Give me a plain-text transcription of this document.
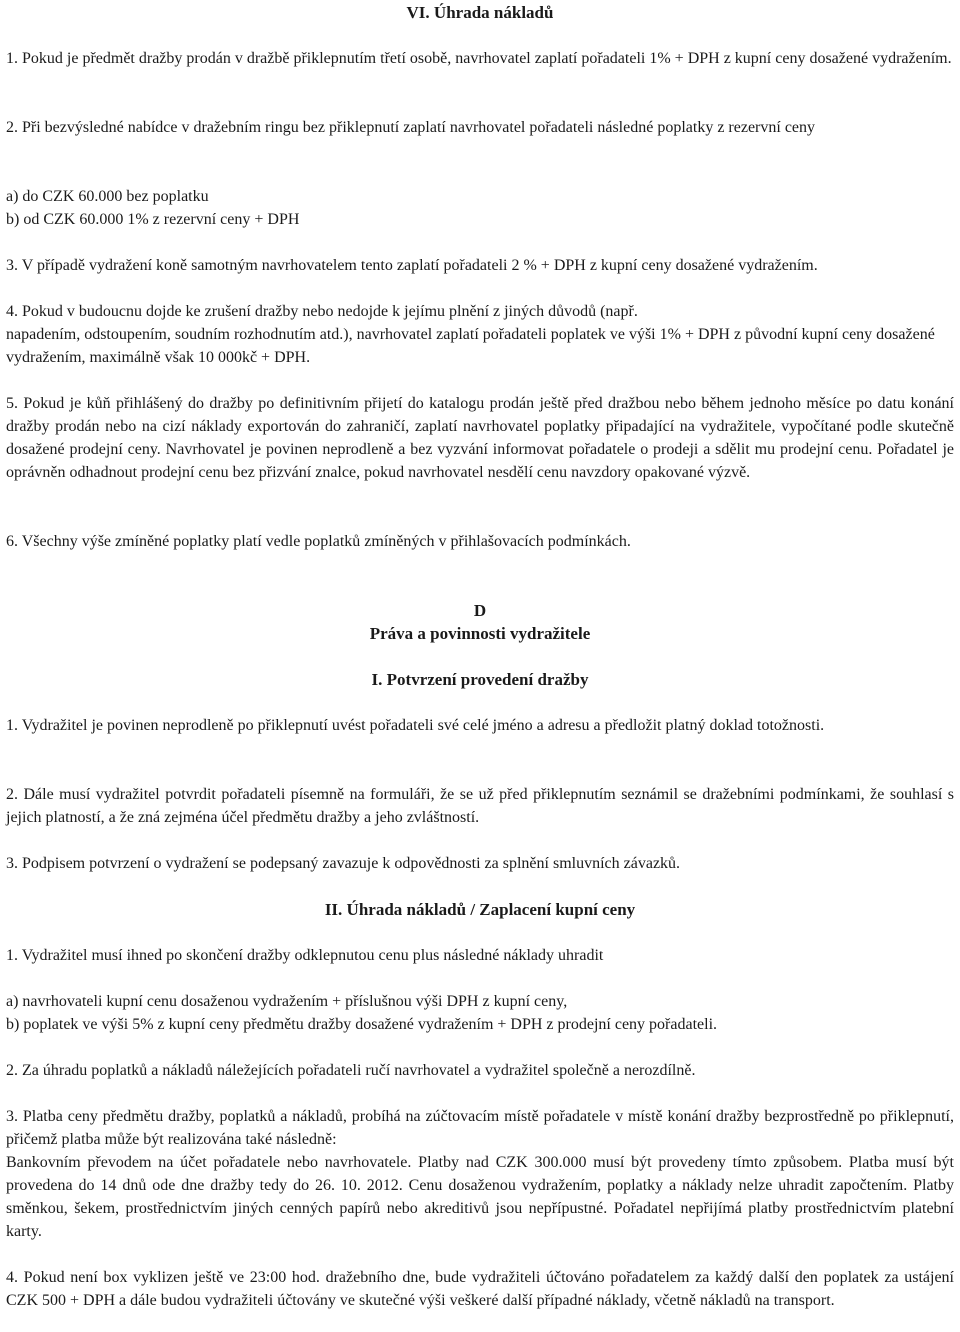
VI. Úhrada nákladů

1. Pokud je předmět dražby prodán v dražbě přiklepnutím třetí osobě, navrhovatel zaplatí pořadateli 1% + DPH z kupní ceny dosažené vydražením.

2. Při bezvýsledné nabídce v dražebním ringu bez přiklepnutí zaplatí navrhovatel pořadateli následné poplatky z rezervní ceny

a) do CZK 60.000 bez poplatku

b) od CZK 60.000 1% z rezervní ceny + DPH

3. V případě vydražení koně samotným navrhovatelem tento zaplatí pořadateli 2 % + DPH z kupní ceny dosažené vydražením.

4. Pokud v budoucnu dojde ke zrušení dražby nebo nedojde k jejímu plnění z jiných důvodů (např.

napadením, odstoupením, soudním rozhodnutím atd.), navrhovatel zaplatí pořadateli poplatek ve výši 1% + DPH z původní kupní ceny dosažené vydražením, maximálně však 10 000kč + DPH.

5. Pokud je kůň přihlášený do dražby po definitivním přijetí do katalogu prodán ještě před dražbou nebo během jednoho měsíce po datu konání dražby prodán nebo na cizí náklady exportován do zahraničí, zaplatí navrhovatel poplatky připadající na vydražitele, vypočítané podle skutečně dosažené prodejní ceny. Navrhovatel je povinen neprodleně a bez vyzvání informovat pořadatele o prodeji a sdělit mu prodejní cenu. Pořadatel je oprávněn odhadnout prodejní cenu bez přizvání znalce, pokud navrhovatel nesdělí cenu navzdory opakované výzvě.

6. Všechny výše zmíněné poplatky platí vedle poplatků zmíněných v přihlašovacích podmínkách.

D

Práva a povinnosti vydražitele

I. Potvrzení provedení dražby

1. Vydražitel je povinen neprodleně po přiklepnutí uvést pořadateli své celé jméno a adresu a předložit platný doklad totožnosti.

2. Dále musí vydražitel potvrdit pořadateli písemně na formuláři, že se už před přiklepnutím seznámil se dražebními podmínkami, že souhlasí s jejich platností, a že zná zejména účel předmětu dražby a jeho zvláštností.

3. Podpisem potvrzení o vydražení se podepsaný zavazuje k odpovědnosti za splnění smluvních závazků.

II. Úhrada nákladů / Zaplacení kupní ceny

1. Vydražitel musí ihned po skončení dražby odklepnutou cenu plus následné náklady uhradit

a) navrhovateli kupní cenu dosaženou vydražením + příslušnou výši DPH z kupní ceny,

b) poplatek ve výši 5% z kupní ceny předmětu dražby dosažené vydražením + DPH z prodejní ceny pořadateli.

2. Za úhradu poplatků a nákladů náležejících pořadateli ručí navrhovatel a vydražitel společně a nerozdílně.

3. Platba ceny předmětu dražby, poplatků a nákladů, probíhá na zúčtovacím místě pořadatele v místě konání dražby bezprostředně po přiklepnutí, přičemž platba může být realizována také následně:

Bankovním převodem na účet pořadatele nebo navrhovatele. Platby nad CZK 300.000 musí být provedeny tímto způsobem. Platba musí být provedena do 14 dnů ode dne dražby tedy do 26. 10. 2012. Cenu dosaženou vydražením, poplatky a náklady nelze uhradit započtením. Platby směnkou, šekem, prostřednictvím jiných cenných papírů nebo akreditivů jsou nepřípustné. Pořadatel nepřijímá platby prostřednictvím platební karty.

4. Pokud není box vyklizen ještě ve 23:00 hod. dražebního dne, bude vydražiteli účtováno pořadatelem za každý další den poplatek za ustájení CZK 500 + DPH a dále budou vydražiteli účtovány ve skutečné výši veškeré další případné náklady, včetně nákladů na transport.
